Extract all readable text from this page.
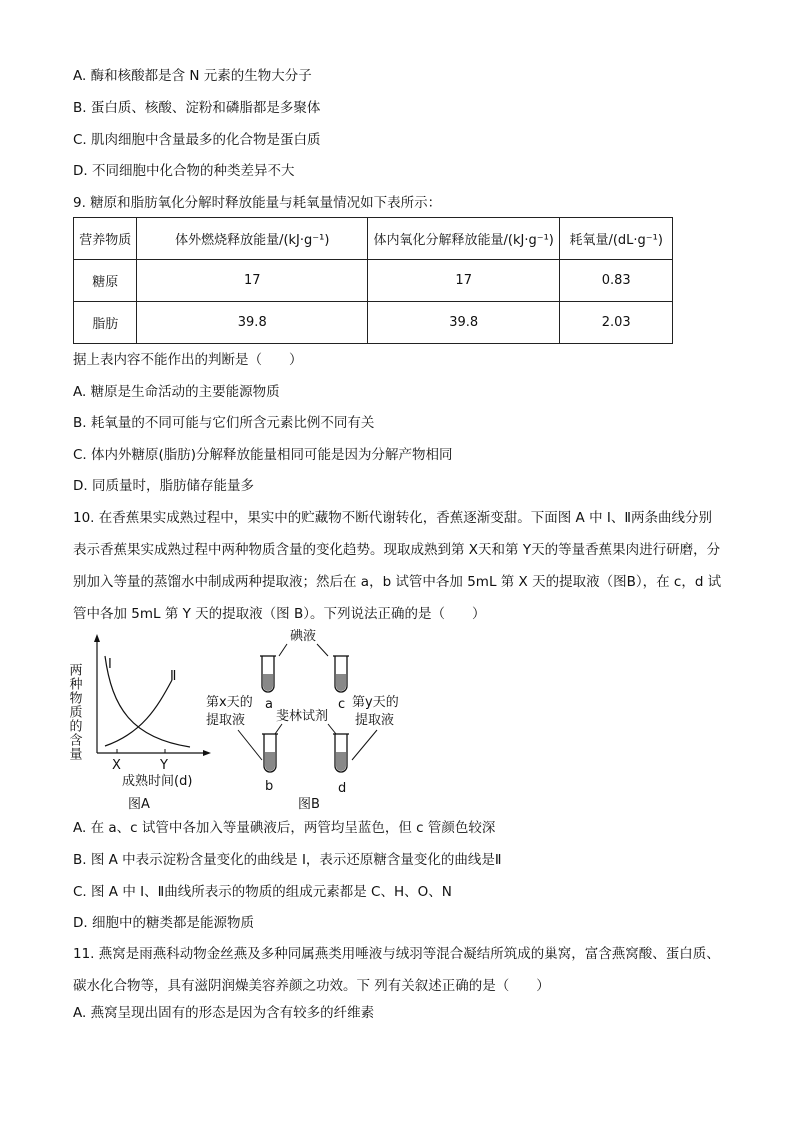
A. 酶和核酸都是含 N 元素的生物大分子
B. 蛋白质、核酸、淀粉和磷脂都是多聚体
C. 肌肉细胞中含量最多的化合物是蛋白质
D. 不同细胞中化合物的种类差异不大
9. 糖原和脂肪氧化分解时释放能量与耗氧量情况如下表所示：
营养物质	体外燃烧释放能量/(kJ·g⁻¹)	体内氧化分解释放能量/(kJ·g⁻¹)	耗氧量/(dL·g⁻¹)
糖原	17	17	0.83
脂肪	39.8	39.8	2.03
据上表内容不能作出的判断是（　　）
A. 糖原是生命活动的主要能源物质
B. 耗氧量的不同可能与它们所含元素比例不同有关
C. 体内外糖原(脂肪)分解释放能量相同可能是因为分解产物相同
D. 同质量时，脂肪储存能量多
10. 在香蕉果实成熟过程中，果实中的贮藏物不断代谢转化，香蕉逐渐变甜。下面图 A 中 I、Ⅱ两条曲线分别表示香蕉果实成熟过程中两种物质含量的变化趋势。现取成熟到第 X天和第 Y天的等量香蕉果肉进行研磨，分别加入等量的蒸馏水中制成两种提取液；然后在 a，b 试管中各加 5mL 第 X 天的提取液（图B），在 c，d 试管中各加 5mL 第 Y 天的提取液（图 B）。下列说法正确的是（　　）
I
Ⅱ
X	Y
成熟时间(d)
图A
两种物质的含量
碘液
a	c
第x天的
提取液
第y天的
提取液
斐林试剂
b	d
图B
A. 在 a、c 试管中各加入等量碘液后，两管均呈蓝色，但 c 管颜色较深
B. 图 A 中表示淀粉含量变化的曲线是 I，表示还原糖含量变化的曲线是Ⅱ
C. 图 A 中 I、Ⅱ曲线所表示的物质的组成元素都是 C、H、O、N
D. 细胞中的糖类都是能源物质
11. 燕窝是雨燕科动物金丝燕及多种同属燕类用唾液与绒羽等混合凝结所筑成的巢窝，富含燕窝酸、蛋白质、碳水化合物等，具有滋阴润燥美容养颜之功效。下 列有关叙述正确的是（　　）
A. 燕窝呈现出固有的形态是因为含有较多的纤维素
